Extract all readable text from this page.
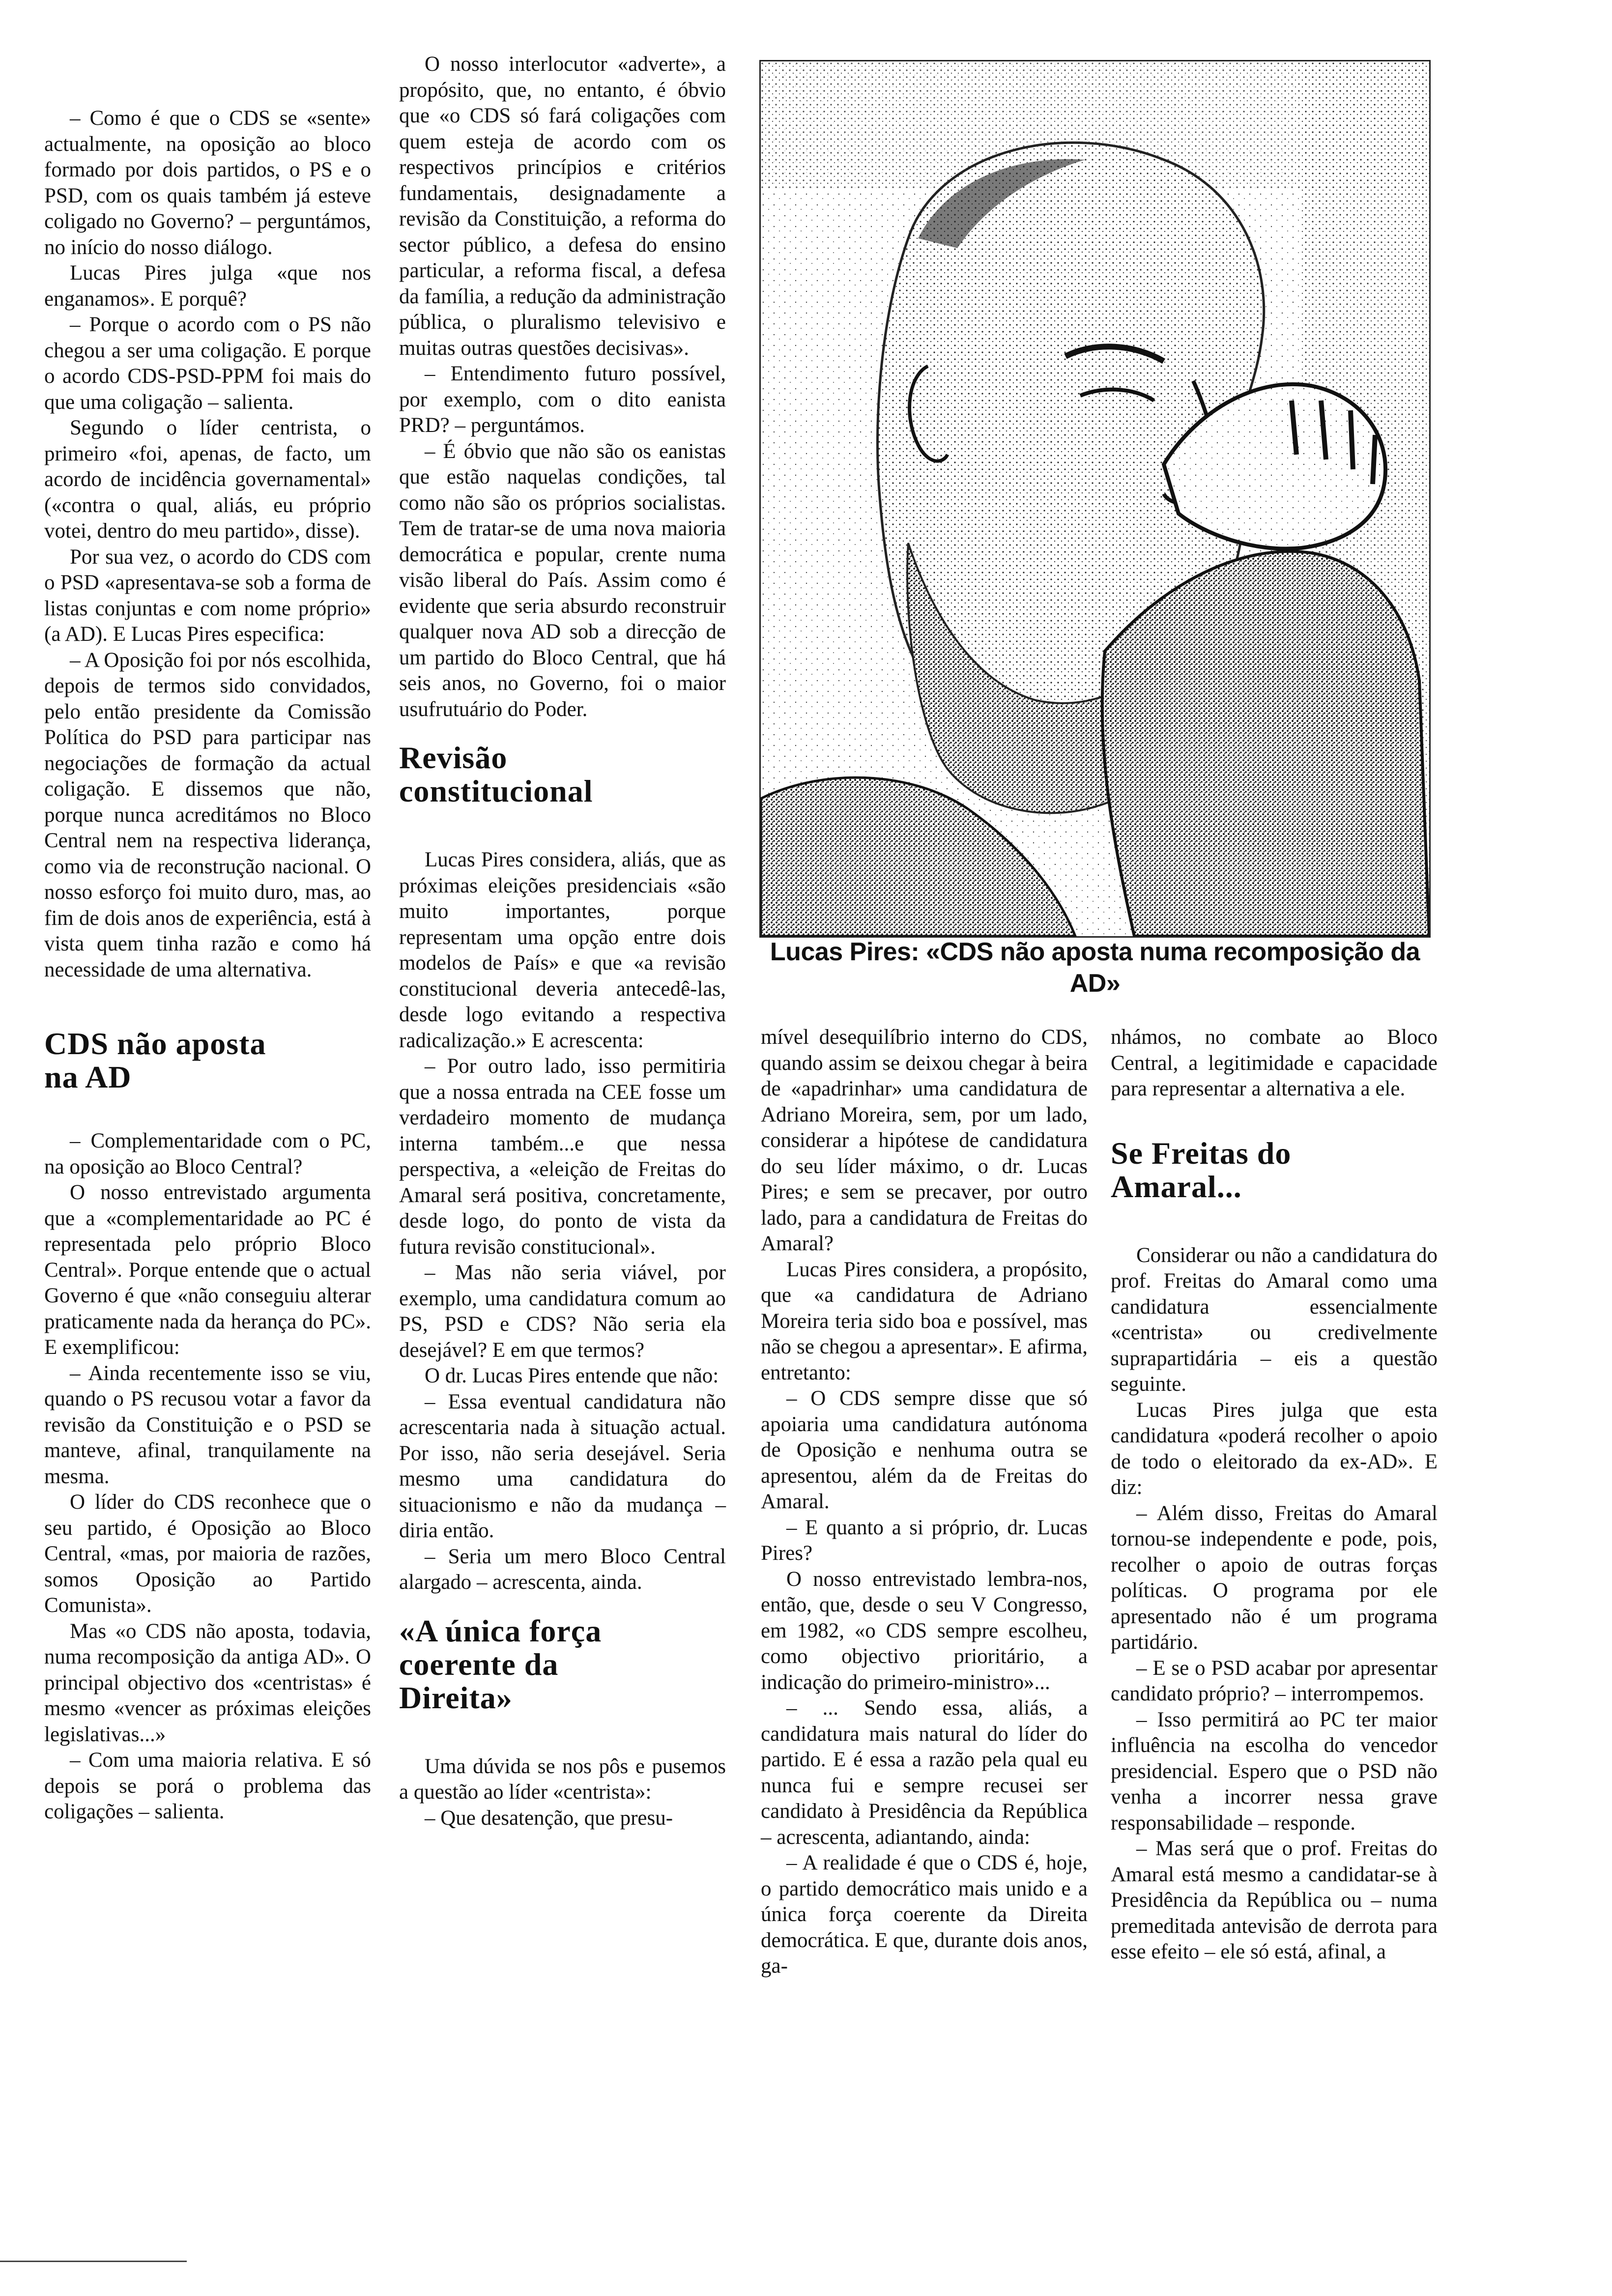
– Como é que o CDS se «sente» actualmente, na oposição ao bloco formado por dois partidos, o PS e o PSD, com os quais também já esteve coligado no Governo? – perguntámos, no início do nosso diálogo.

Lucas Pires julga «que nos enganamos». E porquê?

– Porque o acordo com o PS não chegou a ser uma coligação. E porque o acordo CDS-PSD-PPM foi mais do que uma coligação – salienta.

Segundo o líder centrista, o primeiro «foi, apenas, de facto, um acordo de incidência governamental» («contra o qual, aliás, eu próprio votei, dentro do meu partido», disse).

Por sua vez, o acordo do CDS com o PSD «apresentava-se sob a forma de listas conjuntas e com nome próprio» (a AD). E Lucas Pires especifica:

– A Oposição foi por nós escolhida, depois de termos sido convidados, pelo então presidente da Comissão Política do PSD para participar nas negociações de formação da actual coligação. E dissemos que não, porque nunca acreditámos no Bloco Central nem na respectiva liderança, como via de reconstrução nacional. O nosso esforço foi muito duro, mas, ao fim de dois anos de experiência, está à vista quem tinha razão e como há necessidade de uma alternativa.

CDS não aposta na AD

– Complementaridade com o PC, na oposição ao Bloco Central?

O nosso entrevistado argumenta que a «complementaridade ao PC é representada pelo próprio Bloco Central». Porque entende que o actual Governo é que «não conseguiu alterar praticamente nada da herança do PC». E exemplificou:

– Ainda recentemente isso se viu, quando o PS recusou votar a favor da revisão da Constituição e o PSD se manteve, afinal, tranquilamente na mesma.

O líder do CDS reconhece que o seu partido, é Oposição ao Bloco Central, «mas, por maioria de razões, somos Oposição ao Partido Comunista».

Mas «o CDS não aposta, todavia, numa recomposição da antiga AD». O principal objectivo dos «centristas» é mesmo «vencer as próximas eleições legislativas...»

– Com uma maioria relativa. E só depois se porá o problema das coligações – salienta.

O nosso interlocutor «adverte», a propósito, que, no entanto, é óbvio que «o CDS só fará coligações com quem esteja de acordo com os respectivos princípios e critérios fundamentais, designadamente a revisão da Constituição, a reforma do sector público, a defesa do ensino particular, a reforma fiscal, a defesa da família, a redução da administração pública, o pluralismo televisivo e muitas outras questões decisivas».

– Entendimento futuro possível, por exemplo, com o dito eanista PRD? – perguntámos.

– É óbvio que não são os eanistas que estão naquelas condições, tal como não são os próprios socialistas. Tem de tratar-se de uma nova maioria democrática e popular, crente numa visão liberal do País. Assim como é evidente que seria absurdo reconstruir qualquer nova AD sob a direcção de um partido do Bloco Central, que há seis anos, no Governo, foi o maior usufrutuário do Poder.

Revisão constitucional

Lucas Pires considera, aliás, que as próximas eleições presidenciais «são muito importantes, porque representam uma opção entre dois modelos de País» e que «a revisão constitucional deveria antecedê-las, desde logo evitando a respectiva radicalização.» E acrescenta:

– Por outro lado, isso permitiria que a nossa entrada na CEE fosse um verdadeiro momento de mudança interna também...e que nessa perspectiva, a «eleição de Freitas do Amaral será positiva, concretamente, desde logo, do ponto de vista da futura revisão constitucional».

– Mas não seria viável, por exemplo, uma candidatura comum ao PS, PSD e CDS? Não seria ela desejável? E em que termos?

O dr. Lucas Pires entende que não:

– Essa eventual candidatura não acrescentaria nada à situação actual. Por isso, não seria desejável. Seria mesmo uma candidatura do situacionismo e não da mudança – diria então.

– Seria um mero Bloco Central alargado – acrescenta, ainda.

«A única força coerente da Direita»

Uma dúvida se nos pôs e pusemos a questão ao líder «centrista»:

– Que desatenção, que presu-

Lucas Pires: «CDS não aposta numa recomposição da AD»

mível desequilíbrio interno do CDS, quando assim se deixou chegar à beira de «apadrinhar» uma candidatura de Adriano Moreira, sem, por um lado, considerar a hipótese de candidatura do seu líder máximo, o dr. Lucas Pires; e sem se precaver, por outro lado, para a candidatura de Freitas do Amaral?

Lucas Pires considera, a propósito, que «a candidatura de Adriano Moreira teria sido boa e possível, mas não se chegou a apresentar». E afirma, entretanto:

– O CDS sempre disse que só apoiaria uma candidatura autónoma de Oposição e nenhuma outra se apresentou, além da de Freitas do Amaral.

– E quanto a si próprio, dr. Lucas Pires?

O nosso entrevistado lembra-nos, então, que, desde o seu V Congresso, em 1982, «o CDS sempre escolheu, como objectivo prioritário, a indicação do primeiro-ministro»...

– ... Sendo essa, aliás, a candidatura mais natural do líder do partido. E é essa a razão pela qual eu nunca fui e sempre recusei ser candidato à Presidência da República – acrescenta, adiantando, ainda:

– A realidade é que o CDS é, hoje, o partido democrático mais unido e a única força coerente da Direita democrática. E que, durante dois anos, ga-

nhámos, no combate ao Bloco Central, a legitimidade e capacidade para representar a alternativa a ele.

Se Freitas do Amaral...

Considerar ou não a candidatura do prof. Freitas do Amaral como uma candidatura essencialmente «centrista» ou credivelmente suprapartidária – eis a questão seguinte.

Lucas Pires julga que esta candidatura «poderá recolher o apoio de todo o eleitorado da ex-AD». E diz:

– Além disso, Freitas do Amaral tornou-se independente e pode, pois, recolher o apoio de outras forças políticas. O programa por ele apresentado não é um programa partidário.

– E se o PSD acabar por apresentar candidato próprio? – interrompemos.

– Isso permitirá ao PC ter maior influência na escolha do vencedor presidencial. Espero que o PSD não venha a incorrer nessa grave responsabilidade – responde.

– Mas será que o prof. Freitas do Amaral está mesmo a candidatar-se à Presidência da República ou – numa premeditada antevisão de derrota para esse efeito – ele só está, afinal, a
